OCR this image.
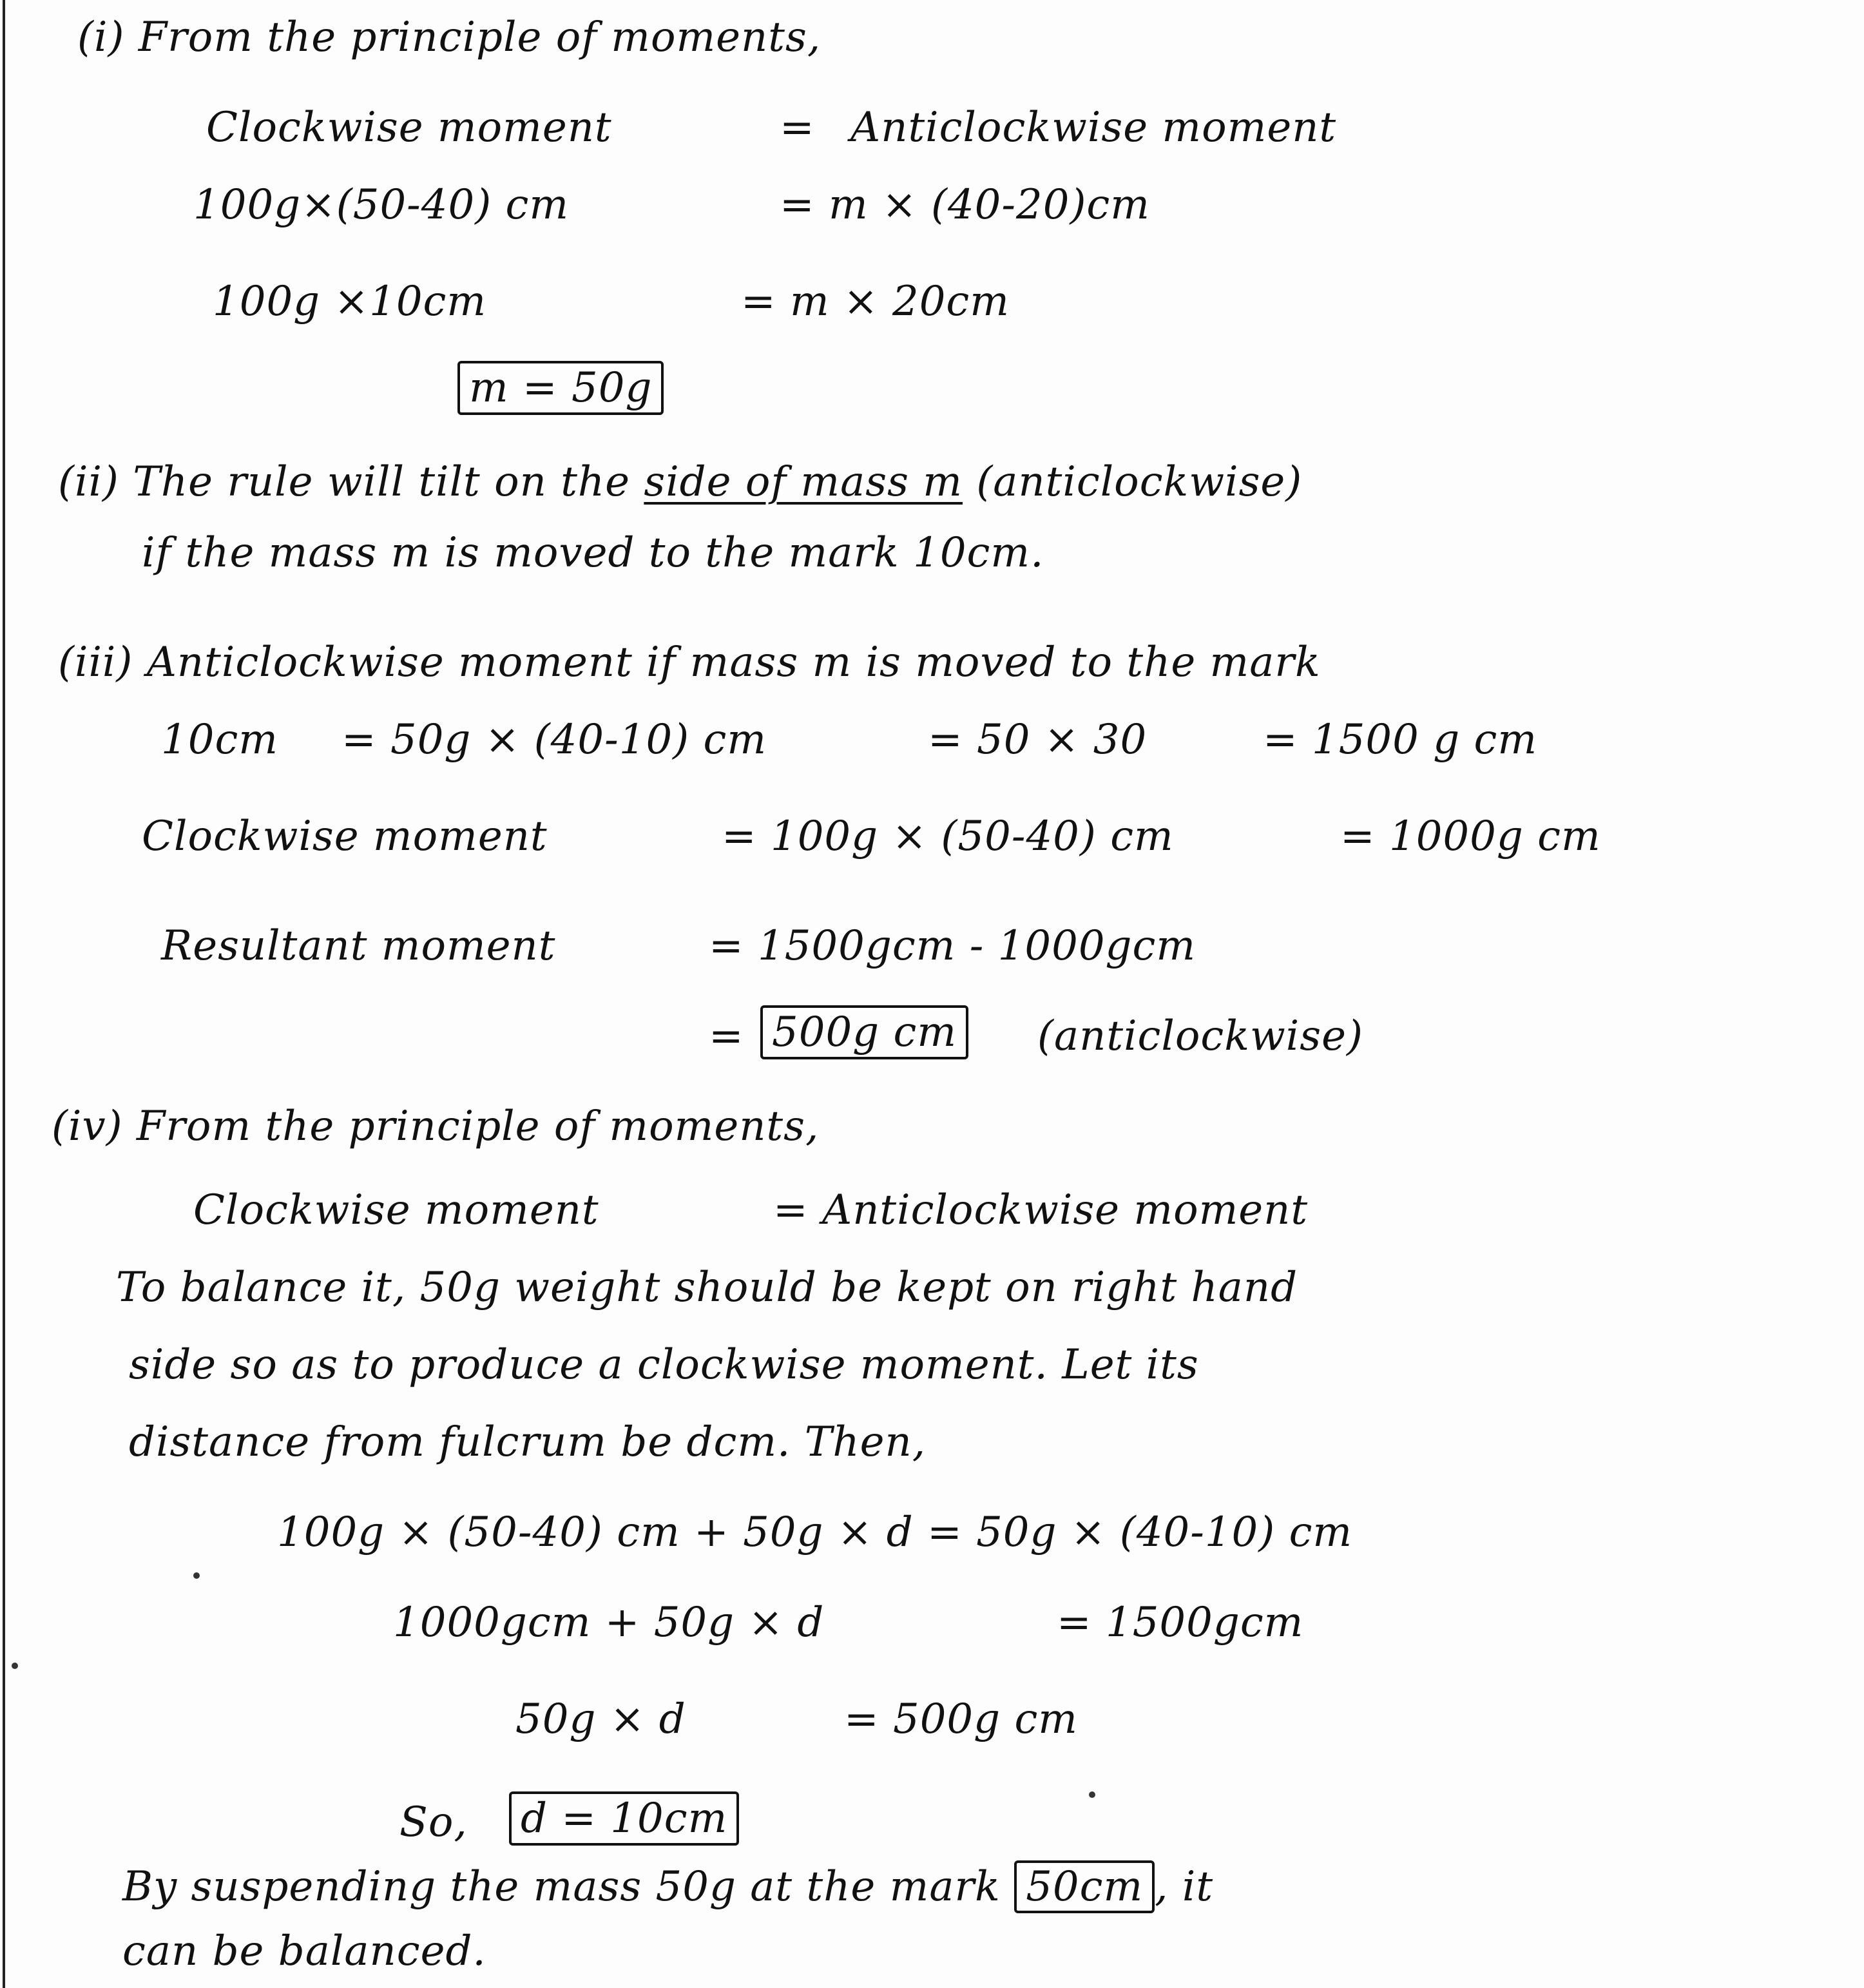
(i) From the principle of moments,
Clockwise moment	= Anticlockwise moment
100g×(50-40) cm	= m × (40-20)cm
100g ×10cm	= m × 20cm
m = 50g
(ii) The rule will tilt on the side of mass m (anticlockwise)
if the mass m is moved to the mark 10cm.
(iii) Anticlockwise moment if mass m is moved to the mark
10cm = 50g × (40-10) cm	= 50 × 30	= 1500 g cm
Clockwise moment	= 100g × (50-40) cm	= 1000g cm
Resultant moment	= 1500gcm - 1000gcm
= 500g cm (anticlockwise)
(iv) From the principle of moments,
Clockwise moment	= Anticlockwise moment
To balance it, 50g weight should be kept on right hand
side so as to produce a clockwise moment. Let its
distance from fulcrum be dcm. Then,
100g × (50-40) cm + 50g × d = 50g × (40-10) cm
1000gcm + 50g × d	= 1500gcm
50g × d	= 500g cm
So, d = 10cm
By suspending the mass 50g at the mark 50cm , it
can be balanced.
